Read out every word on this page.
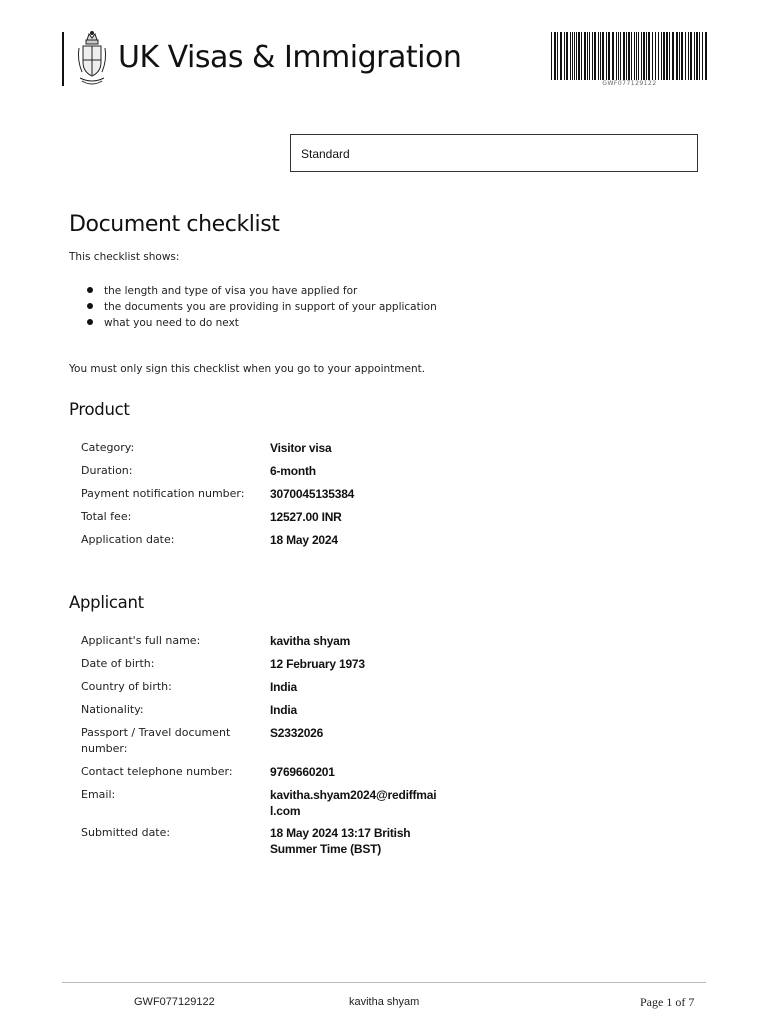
UK Visas & Immigration
GWF077129122
Standard
Document checklist
This checklist shows:
the length and type of visa you have applied for
the documents you are providing in support of your application
what you need to do next
You must only sign this checklist when you go to your appointment.
Product
Category:	Visitor visa
Duration:	6-month
Payment notification number:	3070045135384
Total fee:	12527.00 INR
Application date:	18 May 2024
Applicant
Applicant's full name:	kavitha shyam
Date of birth:	12 February 1973
Country of birth:	India
Nationality:	India
Passport / Travel document number:
S2332026
Contact telephone number:	9769660201
Email:	kavitha.shyam2024@rediffmail.com
Submitted date:	18 May 2024 13:17 British Summer Time (BST)
GWF077129122	kavitha shyam	Page 1 of 7
